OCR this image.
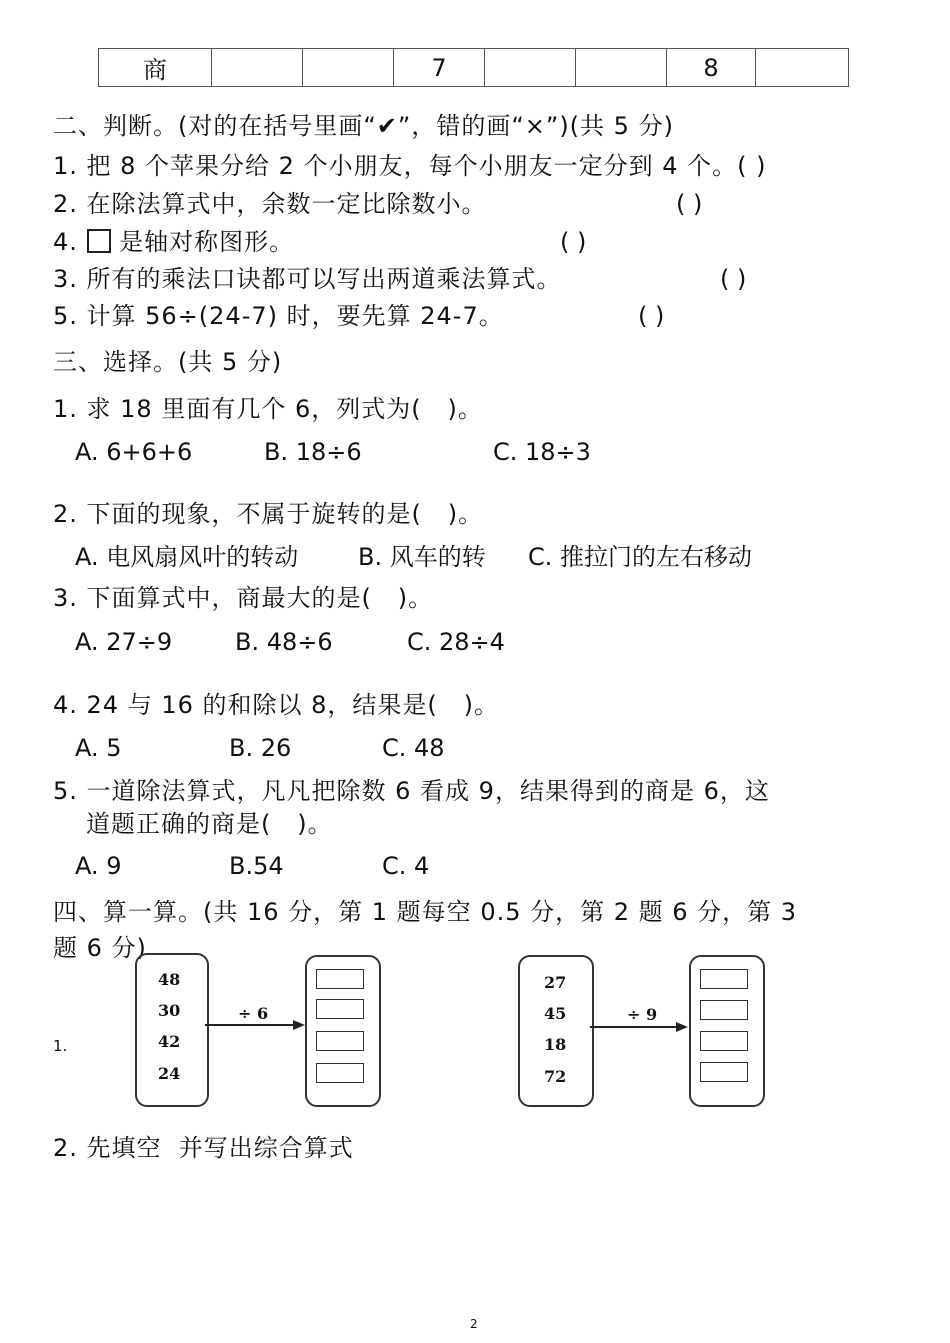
商			7			8	
二、判断。(对的在括号里画“✔”，错的画“×”)(共 5 分)
1. 把 8 个苹果分给 2 个小朋友，每个小朋友一定分到 4 个。( )
2. 在除法算式中，余数一定比除数小。	( )
4. 是轴对称图形。	( )
3. 所有的乘法口诀都可以写出两道乘法算式。	( )
5. 计算 56÷(24-7) 时，要先算 24-7。	( )
三、选择。(共 5 分)
1. 求 18 里面有几个 6，列式为(   )。
A. 6+6+6	B. 18÷6	C. 18÷3
2. 下面的现象，不属于旋转的是(   )。
A. 电风扇风叶的转动 B. 风车的转 C. 推拉门的左右移动
3. 下面算式中，商最大的是(   )。
A. 27÷9	B. 48÷6	C. 28÷4
4. 24 与 16 的和除以 8，结果是(   )。
A. 5	B. 26	C. 48
5. 一道除法算式，凡凡把除数 6 看成 9，结果得到的商是 6，这
道题正确的商是(   )。
A. 9	B.54	C. 4
四、算一算。(共 16 分，第 1 题每空 0.5 分，第 2 题 6 分，第 3
题 6 分)
1.
48
30
42
24
÷ 6
27
45
18
72
÷ 9
2. 先填空  并写出综合算式
2
